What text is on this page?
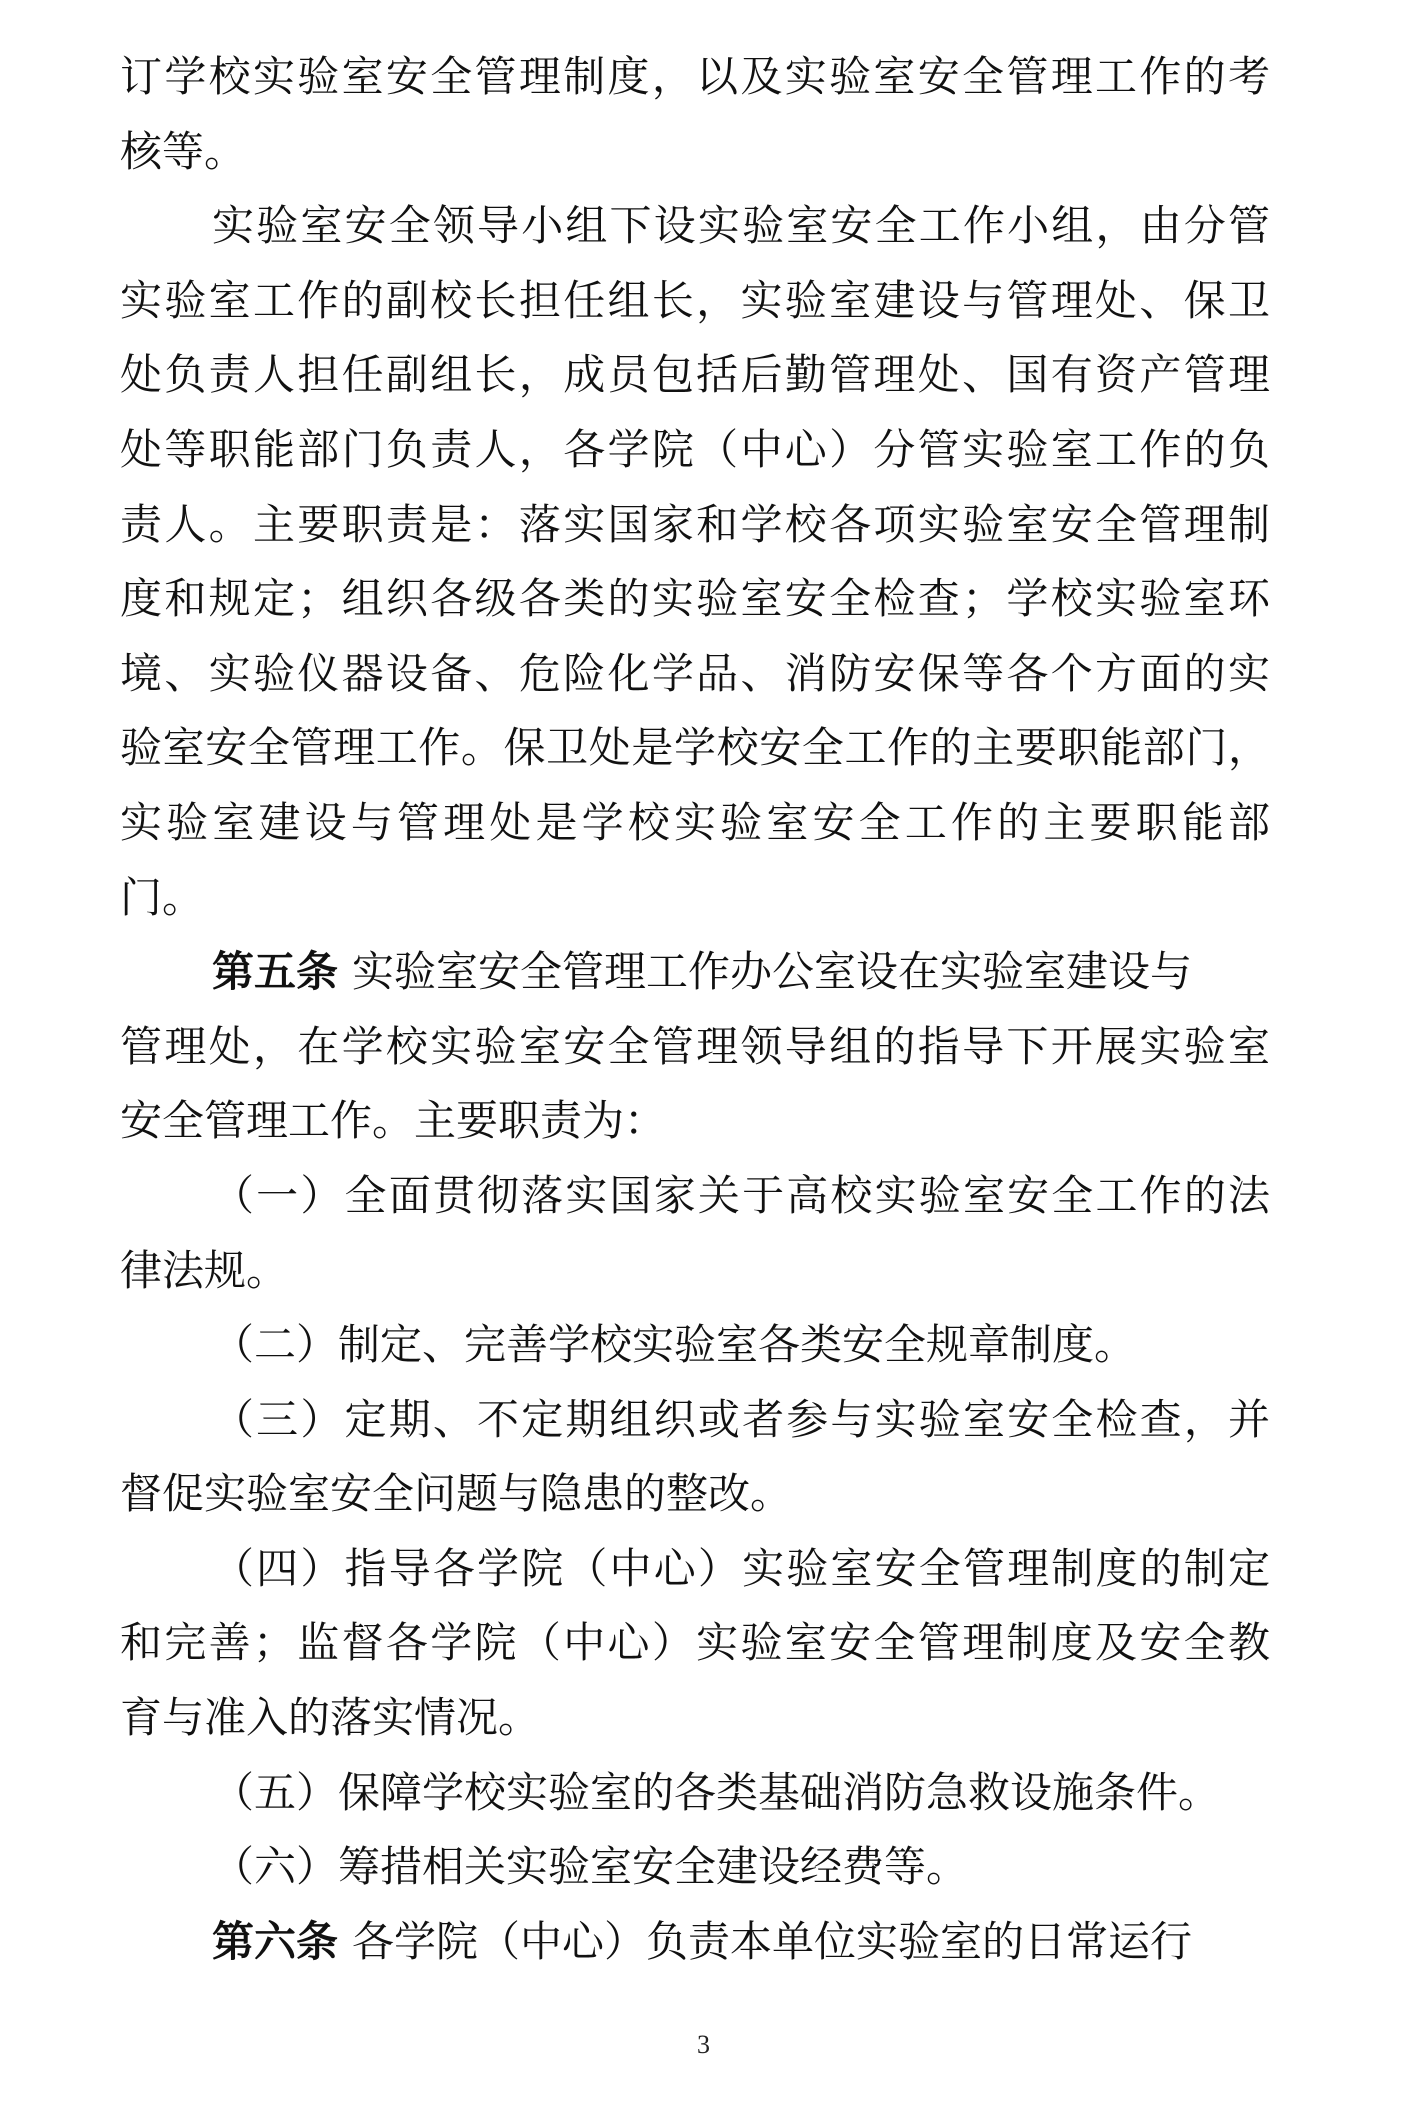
订学校实验室安全管理制度，以及实验室安全管理工作的考
核等。
实验室安全领导小组下设实验室安全工作小组，由分管
实验室工作的副校长担任组长，实验室建设与管理处、保卫
处负责人担任副组长，成员包括后勤管理处、国有资产管理
处等职能部门负责人，各学院（中心）分管实验室工作的负
责人。主要职责是：落实国家和学校各项实验室安全管理制
度和规定；组织各级各类的实验室安全检查；学校实验室环
境、实验仪器设备、危险化学品、消防安保等各个方面的实
验室安全管理工作。保卫处是学校安全工作的主要职能部门，
实验室建设与管理处是学校实验室安全工作的主要职能部
门。
第五条 实验室安全管理工作办公室设在实验室建设与
管理处，在学校实验室安全管理领导组的指导下开展实验室
安全管理工作。主要职责为：
（一）全面贯彻落实国家关于高校实验室安全工作的法
律法规。
（二）制定、完善学校实验室各类安全规章制度。
（三）定期、不定期组织或者参与实验室安全检查，并
督促实验室安全问题与隐患的整改。
（四）指导各学院（中心）实验室安全管理制度的制定
和完善；监督各学院（中心）实验室安全管理制度及安全教
育与准入的落实情况。
（五）保障学校实验室的各类基础消防急救设施条件。
（六）筹措相关实验室安全建设经费等。
第六条 各学院（中心）负责本单位实验室的日常运行
3
